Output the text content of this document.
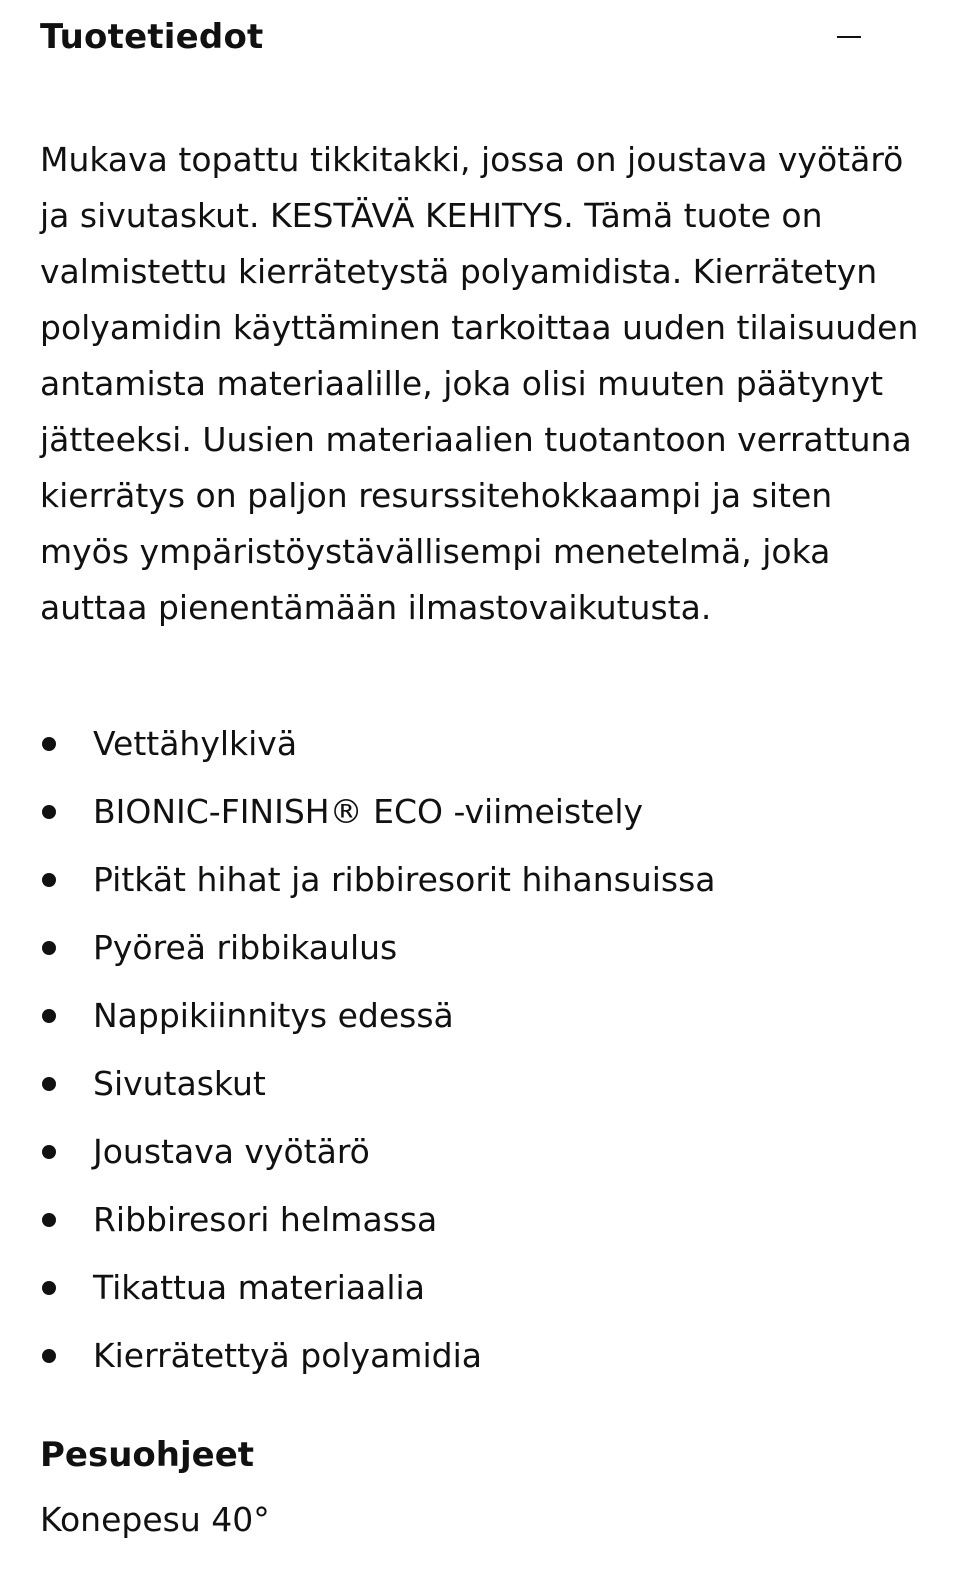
Tuotetiedot

Mukava topattu tikkitakki, jossa on joustava vyötärö ja sivutaskut. KESTÄVÄ KEHITYS. Tämä tuote on valmistettu kierrätetystä polyamidista. Kierrätetyn polyamidin käyttäminen tarkoittaa uuden tilaisuuden antamista materiaalille, joka olisi muuten päätynyt jätteeksi. Uusien materiaalien tuotantoon verrattuna kierrätys on paljon resurssitehokkaampi ja siten myös ympäristöystävällisempi menetelmä, joka auttaa pienentämään ilmastovaikutusta.

Vettähylkivä
BIONIC-FINISH® ECO -viimeistely
Pitkät hihat ja ribbiresorit hihansuissa
Pyöreä ribbikaulus
Nappikiinnitys edessä
Sivutaskut
Joustava vyötärö
Ribbiresori helmassa
Tikattua materiaalia
Kierrätettyä polyamidia
Pesuohjeet
Konepesu 40°
